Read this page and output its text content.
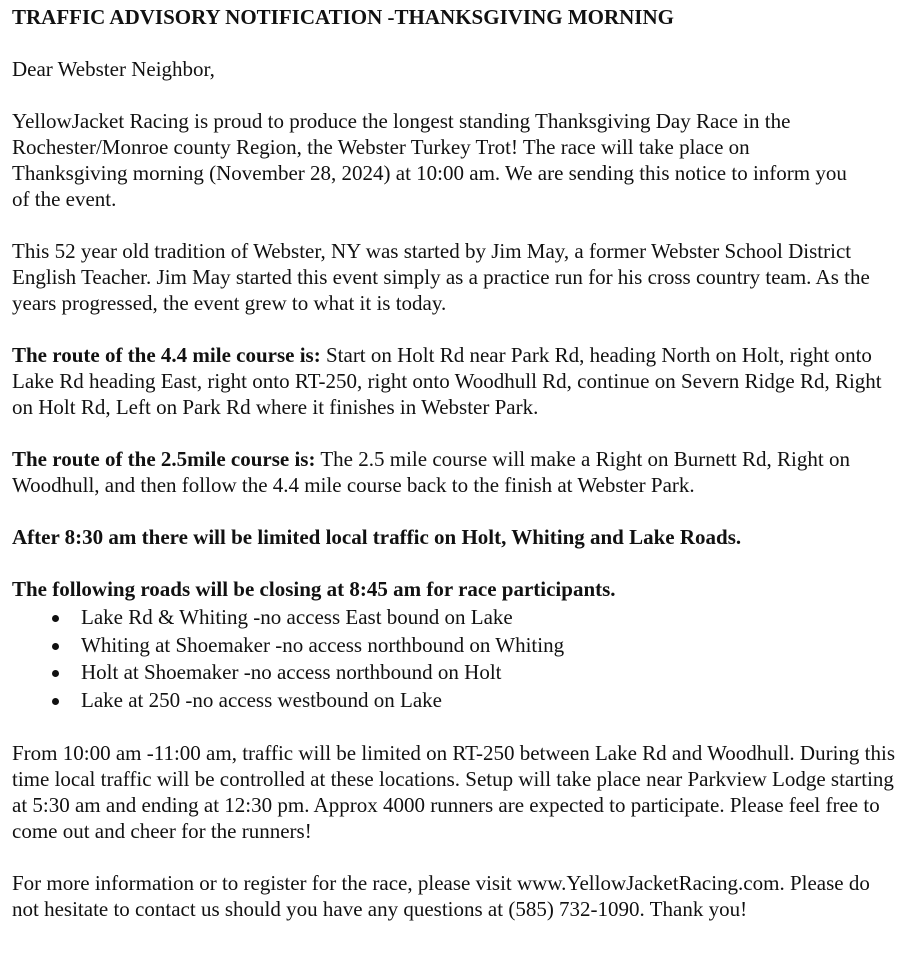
TRAFFIC ADVISORY NOTIFICATION -THANKSGIVING MORNING

Dear Webster Neighbor,

YellowJacket Racing is proud to produce the longest standing Thanksgiving Day Race in the Rochester/Monroe county Region, the Webster Turkey Trot! The race will take place on Thanksgiving morning (November 28, 2024) at 10:00 am. We are sending this notice to inform you of the event.

This 52 year old tradition of Webster, NY was started by Jim May, a former Webster School District English Teacher. Jim May started this event simply as a practice run for his cross country team. As the years progressed, the event grew to what it is today.

The route of the 4.4 mile course is: Start on Holt Rd near Park Rd, heading North on Holt, right onto Lake Rd heading East, right onto RT-250, right onto Woodhull Rd, continue on Severn Ridge Rd, Right on Holt Rd, Left on Park Rd where it finishes in Webster Park.

The route of the 2.5mile course is: The 2.5 mile course will make a Right on Burnett Rd, Right on Woodhull, and then follow the 4.4 mile course back to the finish at Webster Park.

After 8:30 am there will be limited local traffic on Holt, Whiting and Lake Roads.

The following roads will be closing at 8:45 am for race participants.

Lake Rd & Whiting -no access East bound on Lake
Whiting at Shoemaker -no access northbound on Whiting
Holt at Shoemaker -no access northbound on Holt
Lake at 250 -no access westbound on Lake

From 10:00 am -11:00 am, traffic will be limited on RT-250 between Lake Rd and Woodhull. During this time local traffic will be controlled at these locations. Setup will take place near Parkview Lodge starting at 5:30 am and ending at 12:30 pm. Approx 4000 runners are expected to participate. Please feel free to come out and cheer for the runners!

For more information or to register for the race, please visit www.YellowJacketRacing.com. Please do not hesitate to contact us should you have any questions at (585) 732-1090. Thank you!
